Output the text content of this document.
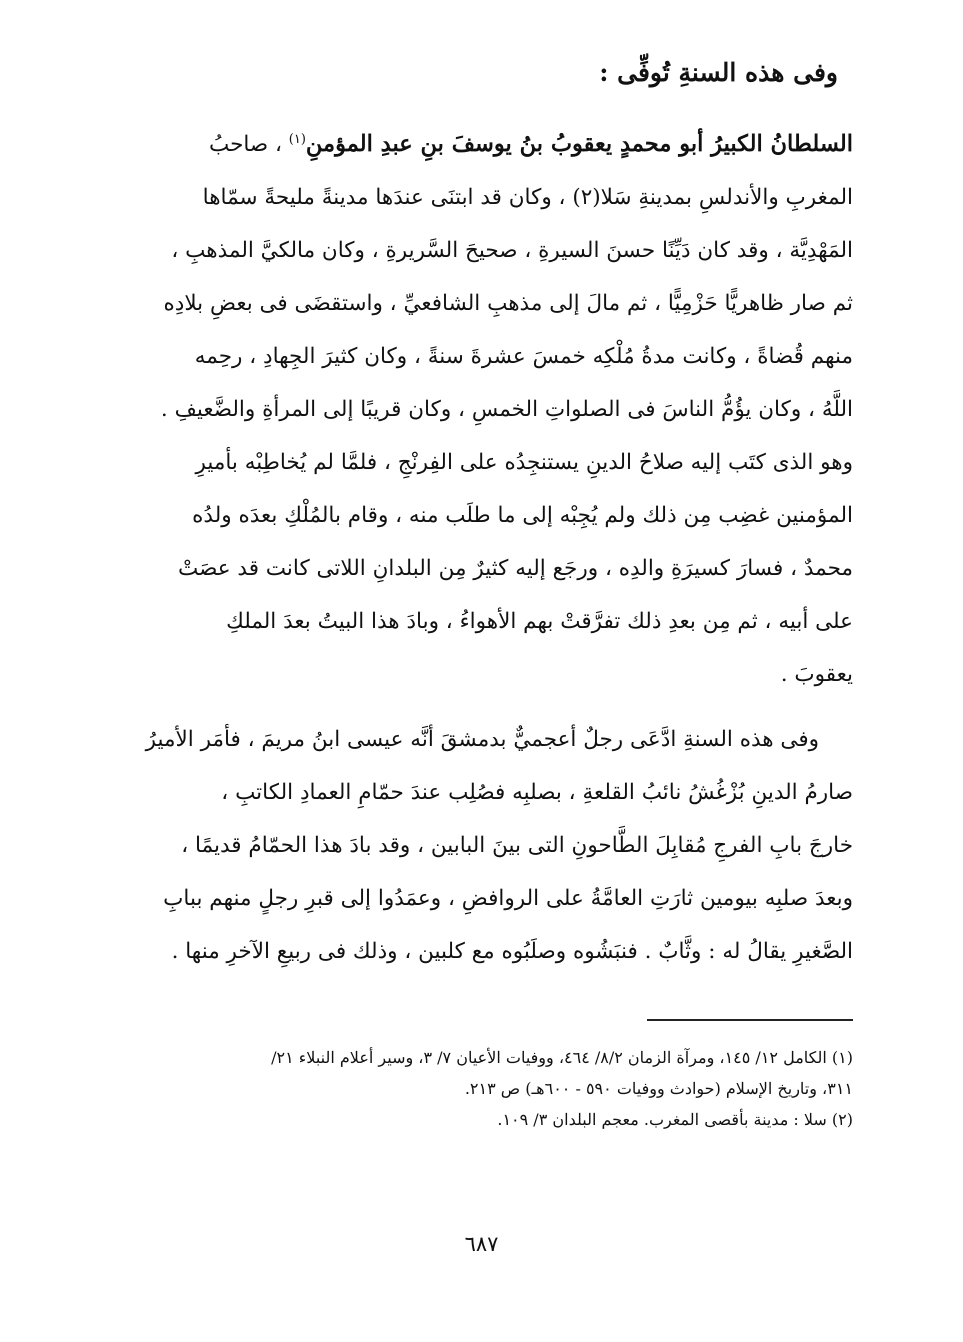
وفى هذه السنةِ تُوفِّى :
السلطانُ الكبيرُ أبو محمدٍ يعقوبُ بنُ يوسفَ بنِ عبدِ المؤمنِ$^{(١)}$ ، صاحبُ
المغربِ والأندلسِ بمدينةِ سَلا(٢) ، وكان قد ابتنَى عندَها مدينةً مليحةً سمّاها
المَهْدِيَّة ، وقد كان دَيِّنًا حسنَ السيرةِ ، صحيحَ السَّريرةِ ، وكان مالكيَّ المذهبِ ،
ثم صار ظاهريًّا حَزْمِيًّا ، ثم مالَ إلى مذهبِ الشافعيِّ ، واستقضَى فى بعضِ بلادِه
منهم قُضاةً ، وكانت مدةُ مُلْكِه خمسَ عشرةَ سنةً ، وكان كثيرَ الجِهادِ ، رحِمه
اللَّهُ ، وكان يؤُمُّ الناسَ فى الصلواتِ الخمسِ ، وكان قريبًا إلى المرأةِ والضَّعيفِ .
وهو الذى كتَب إليه صلاحُ الدينِ يستنجِدُه على الفِرنْجِ ، فلمَّا لم يُخاطِبْه بأميرِ
المؤمنين غضِب مِن ذلك ولم يُجِبْه إلى ما طلَب منه ، وقام بالمُلْكِ بعدَه ولدُه
محمدٌ ، فسارَ كسيرَةِ والدِه ، ورجَع إليه كثيرٌ مِن البلدانِ اللاتى كانت قد عصَتْ
على أبيه ، ثم مِن بعدِ ذلك تفرَّقتْ بهم الأهواءُ ، وبادَ هذا البيتُ بعدَ الملكِ
يعقوبَ .
وفى هذه السنةِ ادَّعَى رجلٌ أعجميٌّ بدمشقَ أنَّه عيسى ابنُ مريمَ ، فأمَر الأميرُ
صارمُ الدينِ بُزْغُشُ نائبُ القلعةِ ، بصلبِه فصُلِب عندَ حمّامِ العمادِ الكاتبِ ،
خارجَ بابِ الفرجِ مُقابِلَ الطَّاحونِ التى بينَ البابين ، وقد بادَ هذا الحمّامُ قديمًا ،
وبعدَ صلبِه بيومين ثارَتِ العامَّةُ على الروافضِ ، وعمَدُوا إلى قبرِ رجلٍ منهم ببابِ
الصَّغيرِ يقالُ له : وثَّابٌ . فنبَشُوه وصلَبُوه مع كلبين ، وذلك فى ربيعِ الآخرِ منها .
(١) الكامل ١٢/ ١٤٥، ومرآة الزمان ٨/٢/ ٤٦٤، ووفيات الأعيان ٧/ ٣، وسير أعلام النبلاء ٢١/
٣١١، وتاريخ الإسلام (حوادث ووفيات ٥٩٠ - ٦٠٠هـ) ص ٢١٣.
(٢) سلا : مدينة بأقصى المغرب. معجم البلدان ٣/ ١٠٩.
٦٨٧
